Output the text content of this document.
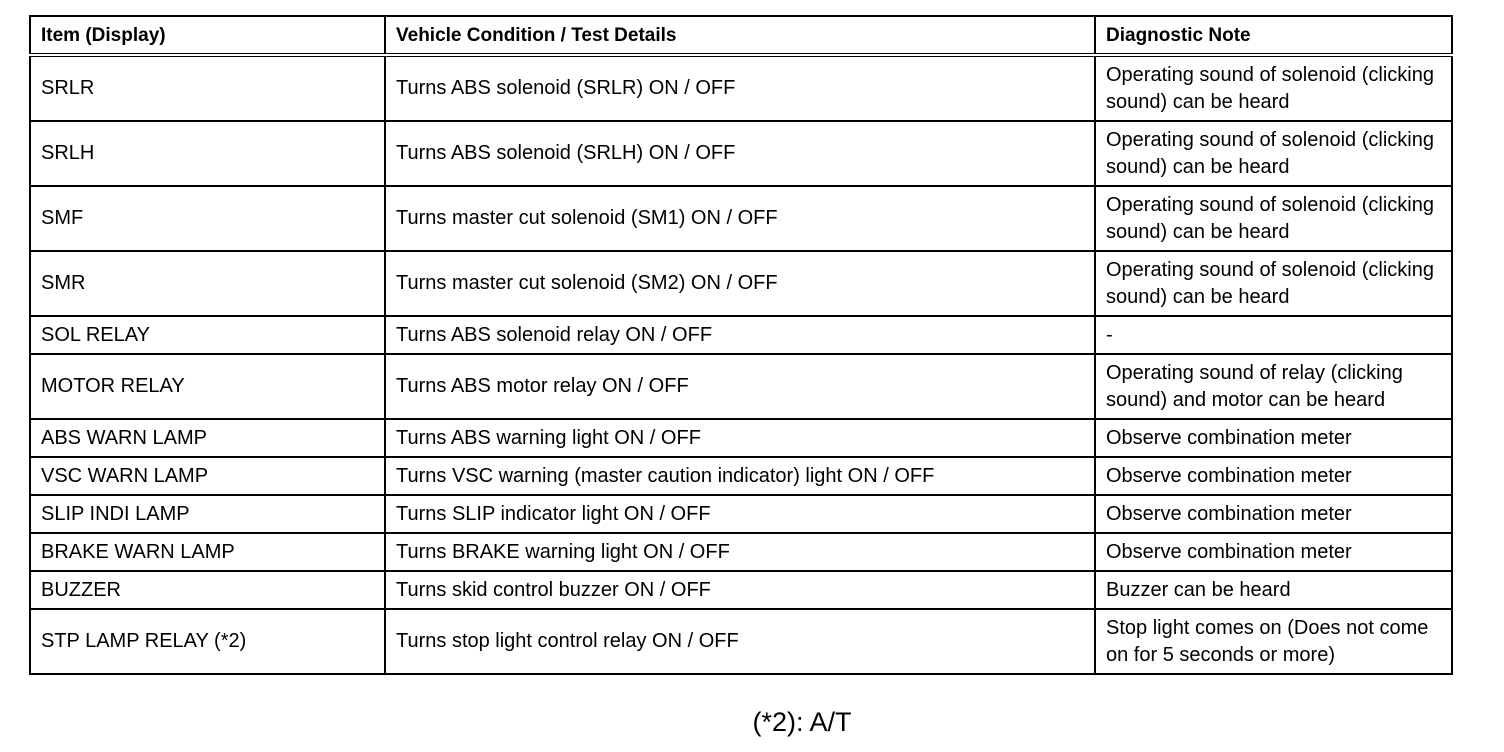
Item (Display)	Vehicle Condition / Test Details	Diagnostic Note
SRLR	Turns ABS solenoid (SRLR) ON / OFF	Operating sound of solenoid (clicking sound) can be heard
SRLH	Turns ABS solenoid (SRLH) ON / OFF	Operating sound of solenoid (clicking sound) can be heard
SMF	Turns master cut solenoid (SM1) ON / OFF	Operating sound of solenoid (clicking sound) can be heard
SMR	Turns master cut solenoid (SM2) ON / OFF	Operating sound of solenoid (clicking sound) can be heard
SOL RELAY	Turns ABS solenoid relay ON / OFF	-
MOTOR RELAY	Turns ABS motor relay ON / OFF	Operating sound of relay (clicking sound) and motor can be heard
ABS WARN LAMP	Turns ABS warning light ON / OFF	Observe combination meter
VSC WARN LAMP	Turns VSC warning (master caution indicator) light ON / OFF	Observe combination meter
SLIP INDI LAMP	Turns SLIP indicator light ON / OFF	Observe combination meter
BRAKE WARN LAMP	Turns BRAKE warning light ON / OFF	Observe combination meter
BUZZER	Turns skid control buzzer ON / OFF	Buzzer can be heard
STP LAMP RELAY (*2)	Turns stop light control relay ON / OFF	Stop light comes on (Does not come on for 5 seconds or more)
(*2): A/T
